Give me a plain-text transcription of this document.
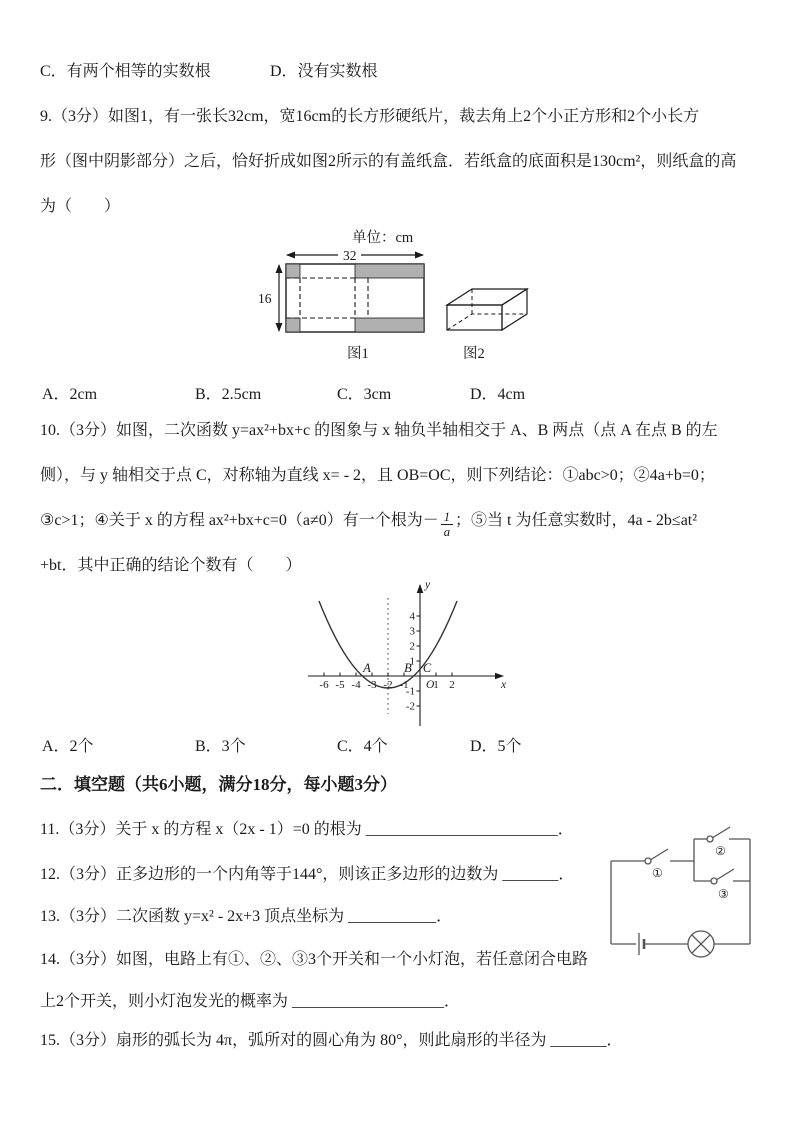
C．有两个相等的实数根	D．没有实数根
9.（3分）如图1，有一张长32cm，宽16cm的长方形硬纸片，裁去角上2个小正方形和2个小长方
形（图中阴影部分）之后，恰好折成如图2所示的有盖纸盒．若纸盒的底面积是130cm²，则纸盒的高
为（　　）
单位：cm
32
16
图1	图2
A．2cm	B．2.5cm	C．3cm	D．4cm
10.（3分）如图，二次函数 y=ax²+bx+c 的图象与 x 轴负半轴相交于 A、B 两点（点 A 在点 B 的左
侧），与 y 轴相交于点 C，对称轴为直线 x= - 2，且 OB=OC，则下列结论：①abc>0；②4a+b=0；
③c>1；④关于 x 的方程 ax²+bx+c=0（a≠0）有一个根为－ $\frac{1}{a}$ ；⑤当 t 为任意实数时，4a - 2b≤at²
+bt．其中正确的结论个数有（　　）
-6 -5 -4 -3 -2 -1 1 2
O	x
y
4
3
2
1
-1
-2
A	B C
A．2个	B．3个	C．4个	D．5个
二．填空题（共6小题，满分18分，每小题3分）
11.（3分）关于 x 的方程 x（2x - 1）=0 的根为 ________________________．
①
②
③
12.（3分）正多边形的一个内角等于144°，则该正多边形的边数为 _______．
13.（3分）二次函数 y=x² - 2x+3 顶点坐标为 ___________．
14.（3分）如图，电路上有①、②、③3个开关和一个小灯泡，若任意闭合电路上2个开关，则小灯泡发光的概率为 ___________________．
15.（3分）扇形的弧长为 4π，弧所对的圆心角为 80°，则此扇形的半径为 _______．
